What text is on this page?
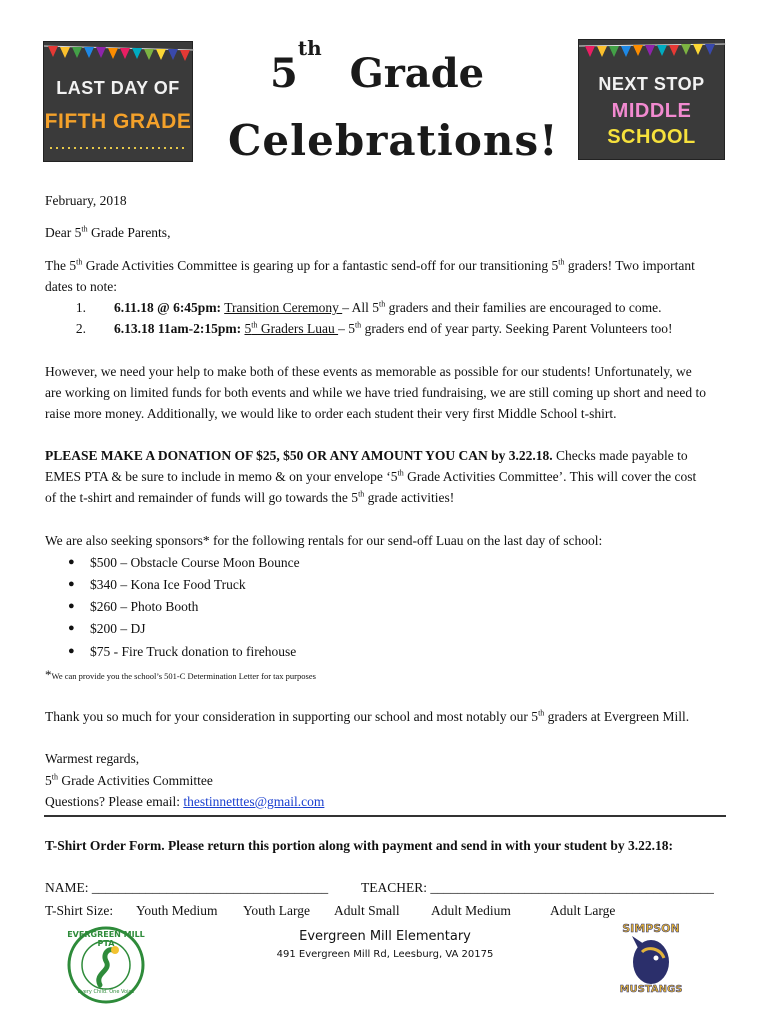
LAST DAY OF
FIFTH GRADE
5th Grade
Celebrations!
NEXT STOP
MIDDLE
SCHOOL
February, 2018
Dear 5th Grade Parents,
The 5th Grade Activities Committee is gearing up for a fantastic send-off for our transitioning 5th graders! Two important
dates to note:
1. 6.11.18 @ 6:45pm: Transition Ceremony – All 5th graders and their families are encouraged to come.
2. 6.13.18 11am-2:15pm: 5th Graders Luau – 5th graders end of year party. Seeking Parent Volunteers too!
However, we need your help to make both of these events as memorable as possible for our students! Unfortunately, we
are working on limited funds for both events and while we have tried fundraising, we are still coming up short and need to
raise more money. Additionally, we would like to order each student their very first Middle School t-shirt.
PLEASE MAKE A DONATION OF $25, $50 OR ANY AMOUNT YOU CAN by 3.22.18. Checks made payable to
EMES PTA & be sure to include in memo & on your envelope ‘5th Grade Activities Committee’. This will cover the cost
of the t-shirt and remainder of funds will go towards the 5th grade activities!
We are also seeking sponsors* for the following rentals for our send-off Luau on the last day of school:
● $500 – Obstacle Course Moon Bounce
● $340 – Kona Ice Food Truck
● $260 – Photo Booth
● $200 – DJ
● $75 - Fire Truck donation to firehouse
*We can provide you the school’s 501-C Determination Letter for tax purposes
Thank you so much for your consideration in supporting our school and most notably our 5th graders at Evergreen Mill.
Warmest regards,
5th Grade Activities Committee
Questions? Please email: thestinnetttes@gmail.com
T-Shirt Order Form. Please return this portion along with payment and send in with your student by 3.22.18:
NAME: ___________________________________ TEACHER: __________________________________________
T-Shirt Size: Youth Medium Youth Large Adult Small Adult Medium	Adult Large
EVERGREEN MILL PTA
Every Child. One Voice
Evergreen Mill Elementary
491 Evergreen Mill Rd, Leesburg, VA 20175
SIMPSON
MUSTANGS
